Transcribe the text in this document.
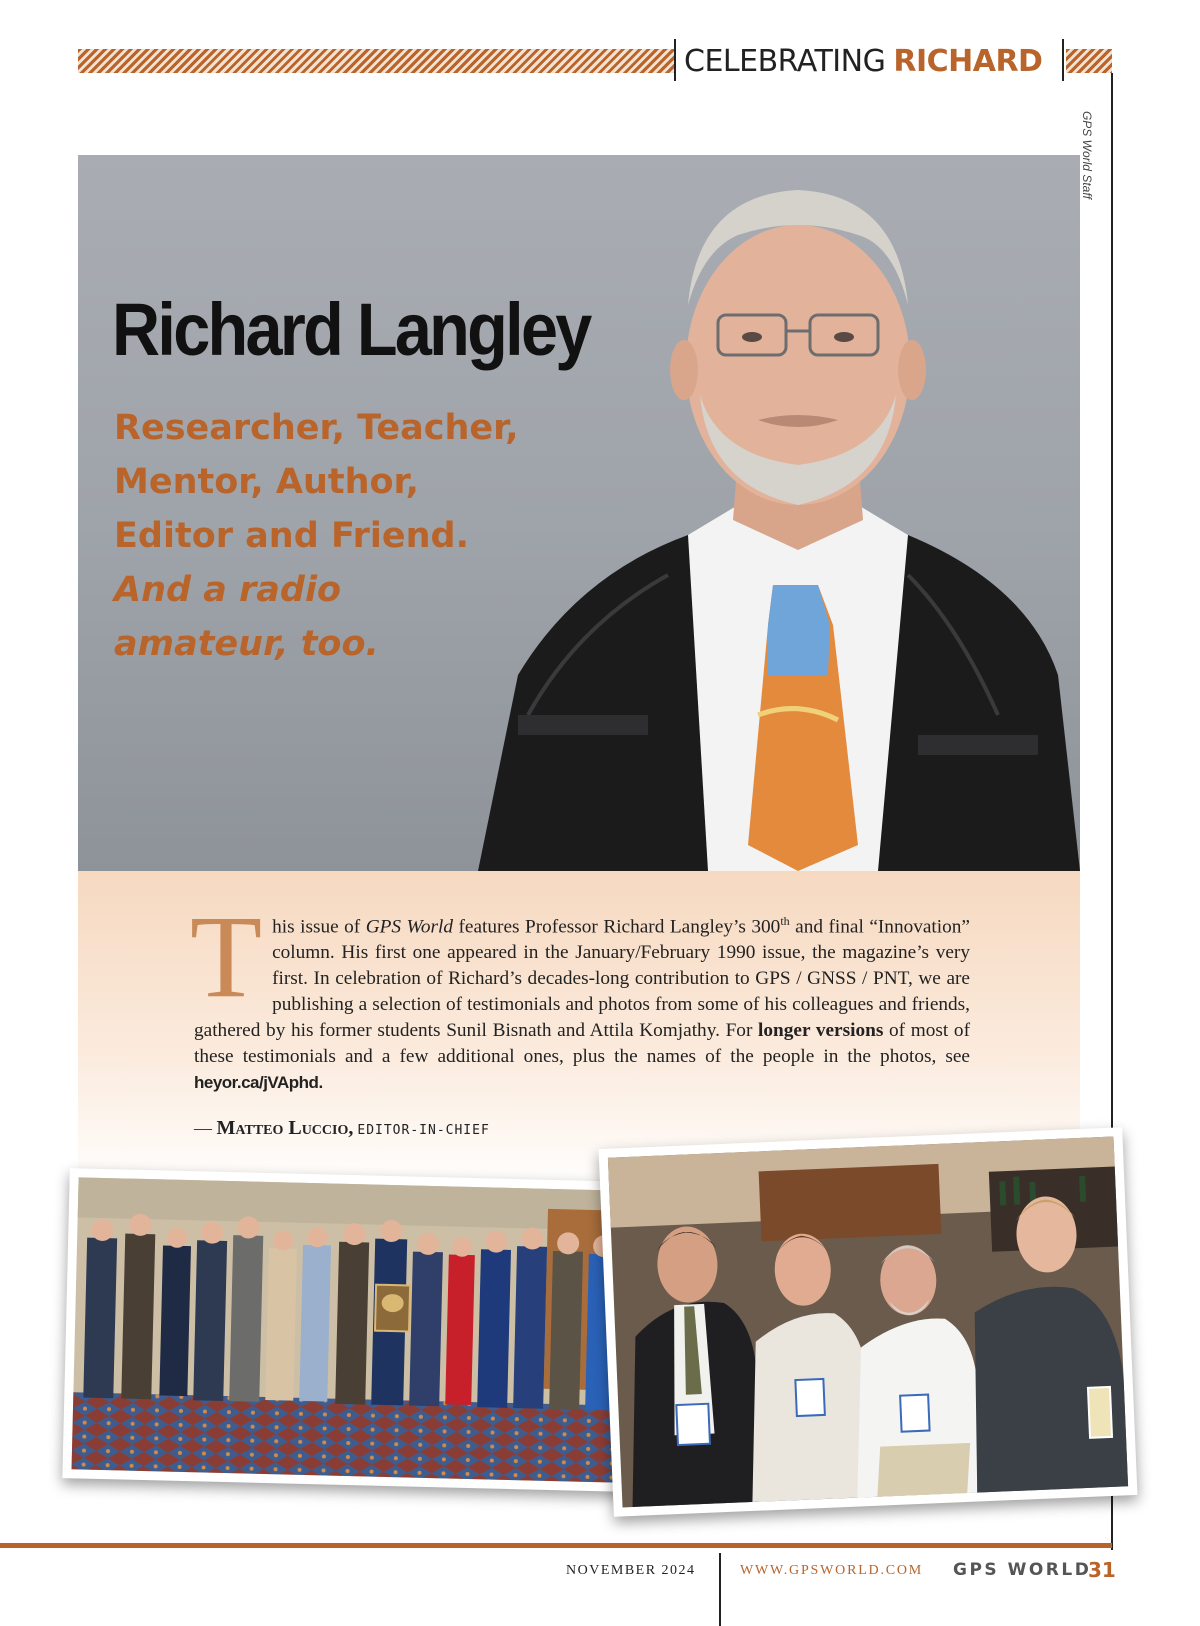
CELEBRATING RICHARD
GPS World Staff
Richard Langley
Researcher, Teacher,
Mentor, Author,
Editor and Friend.
And a radio
amateur, too.
This issue of GPS World features Professor Richard Langley’s 300th and final “Innovation” column. His first one appeared in the January/February 1990 issue, the magazine’s very first. In celebration of Richard’s decades-long contribution to GPS / GNSS / PNT, we are publishing a selection of testimonials and photos from some of his colleagues and friends, gathered by his former students Sunil Bisnath and Attila Komjathy. For longer versions of most of these testimonials and a few additional ones, plus the names of the people in the photos, see heyor.ca/jVAphd.
— Matteo Luccio, EDITOR-IN-CHIEF
NOVEMBER 2024	WWW.GPSWORLD.COM GPS WORLD
31
